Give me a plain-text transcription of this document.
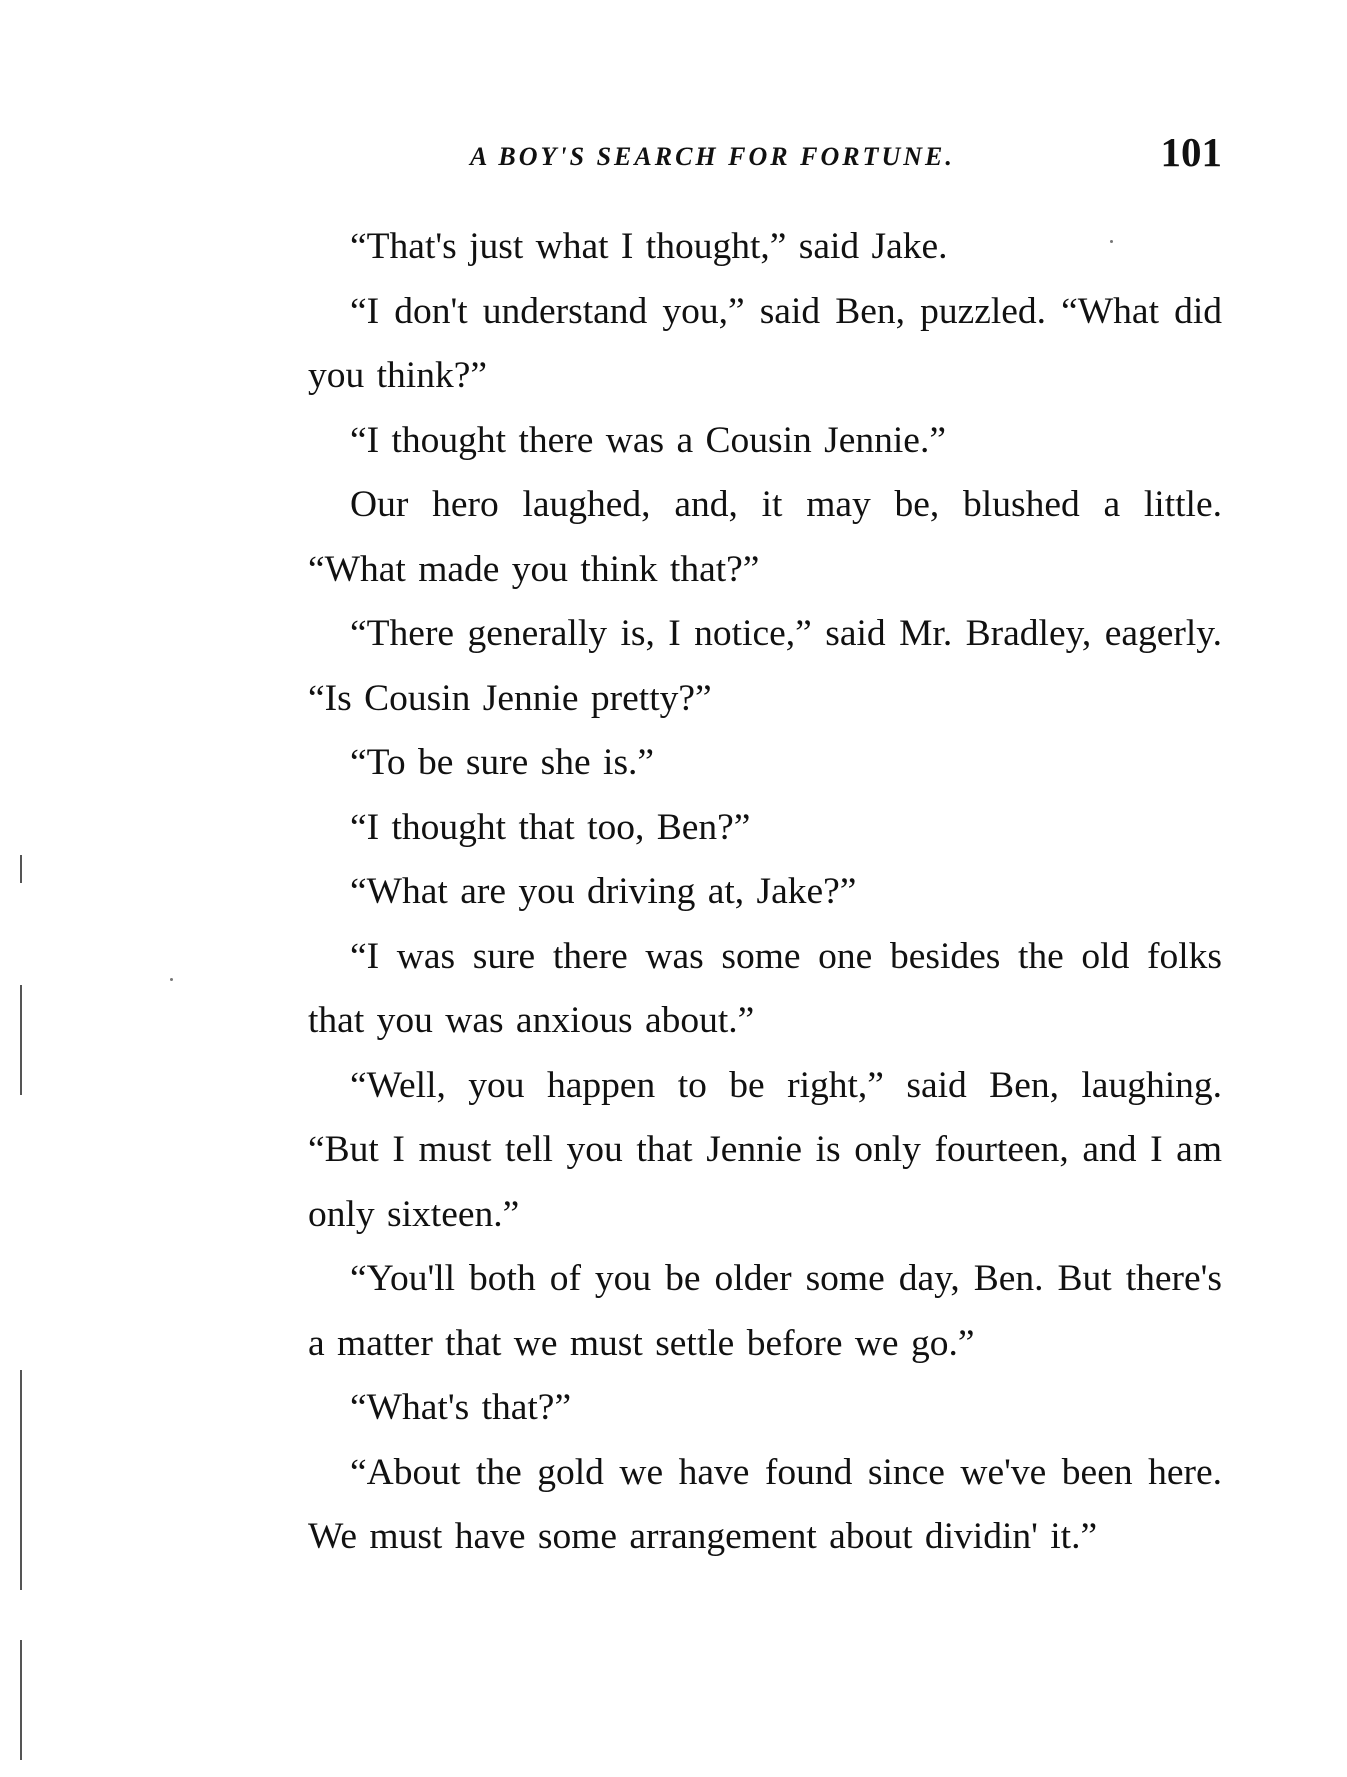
A BOY'S SEARCH FOR FORTUNE.	101

“That's just what I thought,” said Jake.

“I don't understand you,” said Ben, puzzled. “What did you think?”

“I thought there was a Cousin Jennie.”

Our hero laughed, and, it may be, blushed a little. “What made you think that?”

“There generally is, I notice,” said Mr. Bradley, eagerly. “Is Cousin Jennie pretty?”

“To be sure she is.”

“I thought that too, Ben?”

“What are you driving at, Jake?”

“I was sure there was some one besides the old folks that you was anxious about.”

“Well, you happen to be right,” said Ben, laughing. “But I must tell you that Jennie is only fourteen, and I am only sixteen.”

“You'll both of you be older some day, Ben. But there's a matter that we must settle before we go.”

“What's that?”

“About the gold we have found since we've been here. We must have some arrangement about dividin' it.”
